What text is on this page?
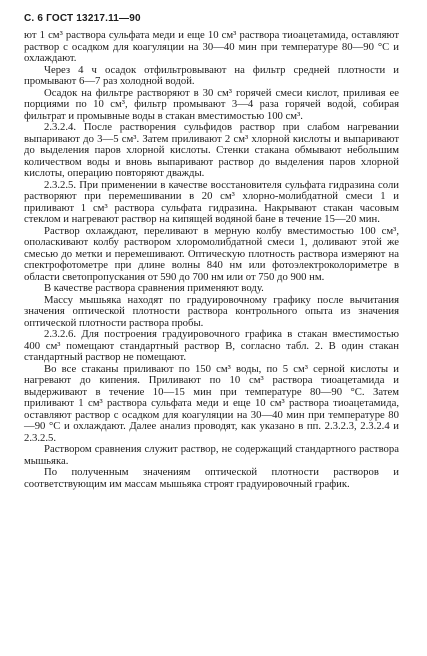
С. 6 ГОСТ 13217.11—90

ют 1 см³ раствора сульфата меди и еще 10 см³ раствора тиоацетамида, оставляют раствор с осадком для коагуляции на 30—40 мин при температуре 80—90 °С и охлаждают.

Через 4 ч осадок отфильтровывают на фильтр средней плотности и промывают 6—7 раз холодной водой.

Осадок на фильтре растворяют в 30 см³ горячей смеси кислот, приливая ее порциями по 10 см³, фильтр промывают 3—4 раза горячей водой, собирая фильтрат и промывные воды в стакан вместимостью 100 см³.

2.3.2.4. После растворения сульфидов раствор при слабом нагревании выпаривают до 3—5 см³. Затем приливают 2 см³ хлорной кислоты и выпаривают до выделения паров хлорной кислоты. Стенки стакана обмывают небольшим количеством воды и вновь выпаривают раствор до выделения паров хлорной кислоты, операцию повторяют дважды.

2.3.2.5. При применении в качестве восстановителя сульфата гидразина соли растворяют при перемешивании в 20 см³ хлорно-молибдатной смеси 1 и приливают 1 см³ раствора сульфата гидразина. Накрывают стакан часовым стеклом и нагревают раствор на кипящей водяной бане в течение 15—20 мин.

Раствор охлаждают, переливают в мерную колбу вместимостью 100 см³, ополаскивают колбу раствором хлоромолибдатной смеси 1, доливают этой же смесью до метки и перемешивают. Оптическую плотность раствора измеряют на спектрофотометре при длине волны 840 нм или фотоэлектроколориметре в области светопропускания от 590 до 700 нм или от 750 до 900 нм.

В качестве раствора сравнения применяют воду.

Массу мышьяка находят по градуировочному графику после вычитания значения оптической плотности раствора контрольного опыта из значения оптической плотности раствора пробы.

2.3.2.6. Для построения градуировочного графика в стакан вместимостью 400 см³ помещают стандартный раствор В, согласно табл. 2. В один стакан стандартный раствор не помещают.

Во все стаканы приливают по 150 см³ воды, по 5 см³ серной кислоты и нагревают до кипения. Приливают по 10 см³ раствора тиоацетамида и выдерживают в течение 10—15 мин при температуре 80—90 °С. Затем приливают 1 см³ раствора сульфата меди и еще 10 см³ раствора тиоацетамида, оставляют раствор с осадком для коагуляции на 30—40 мин при температуре 80—90 °С и охлаждают. Далее анализ проводят, как указано в пп. 2.3.2.3, 2.3.2.4 и 2.3.2.5.

Раствором сравнения служит раствор, не содержащий стандартного раствора мышьяка.

По полученным значениям оптической плотности растворов и соответствующим им массам мышьяка строят градуировочный график.
